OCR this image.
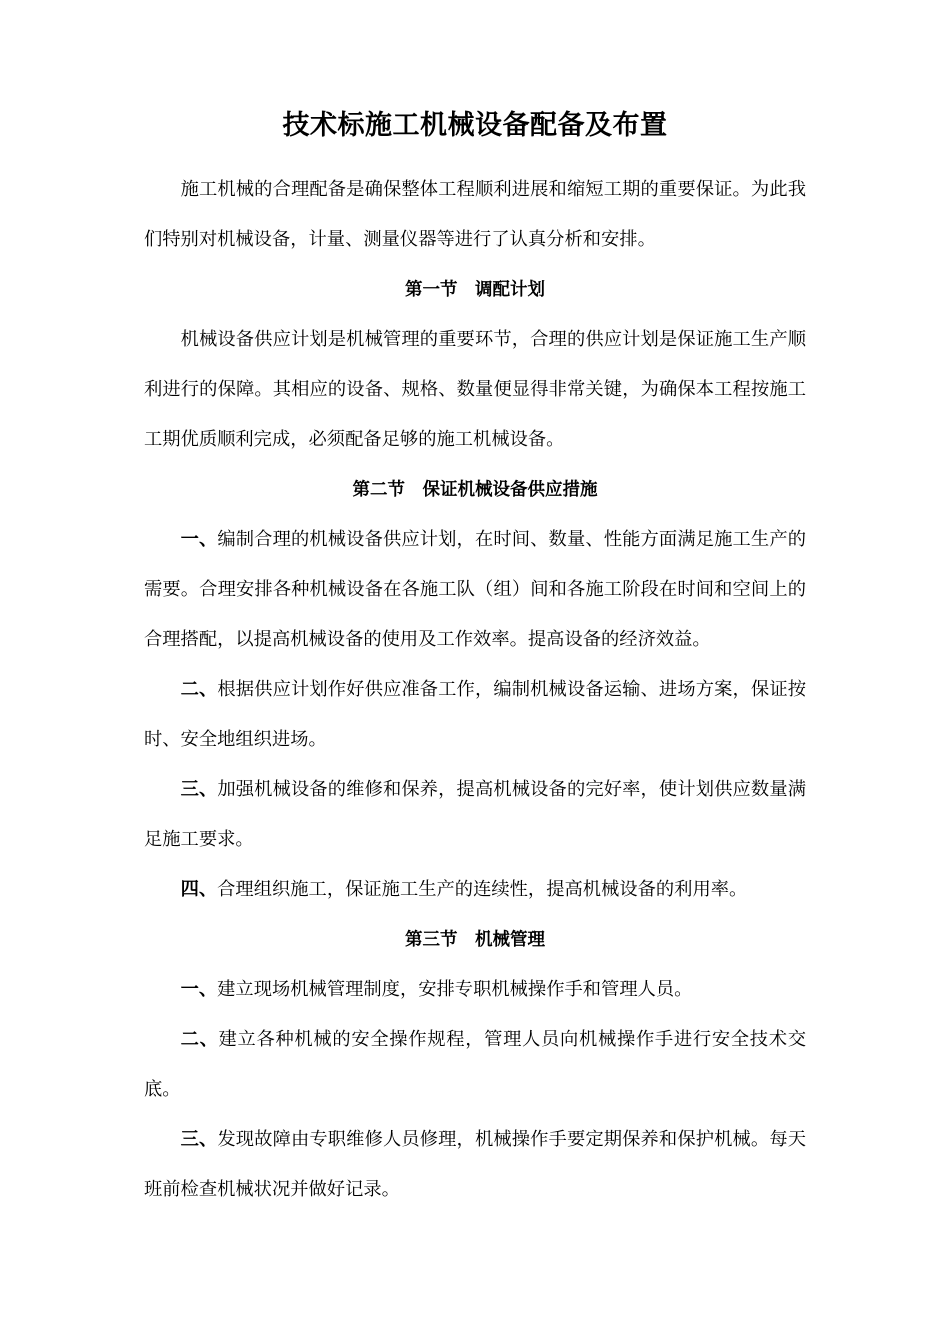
技术标施工机械设备配备及布置

施工机械的合理配备是确保整体工程顺利进展和缩短工期的重要保证。为此我们特别对机械设备，计量、测量仪器等进行了认真分析和安排。

第一节　调配计划

机械设备供应计划是机械管理的重要环节，合理的供应计划是保证施工生产顺利进行的保障。其相应的设备、规格、数量便显得非常关键，为确保本工程按施工工期优质顺利完成，必须配备足够的施工机械设备。

第二节　保证机械设备供应措施

一、编制合理的机械设备供应计划，在时间、数量、性能方面满足施工生产的需要。合理安排各种机械设备在各施工队（组）间和各施工阶段在时间和空间上的合理搭配，以提高机械设备的使用及工作效率。提高设备的经济效益。

二、根据供应计划作好供应准备工作，编制机械设备运输、进场方案，保证按时、安全地组织进场。

三、加强机械设备的维修和保养，提高机械设备的完好率，使计划供应数量满足施工要求。

四、合理组织施工，保证施工生产的连续性，提高机械设备的利用率。

第三节　机械管理

一、建立现场机械管理制度，安排专职机械操作手和管理人员。

二、建立各种机械的安全操作规程，管理人员向机械操作手进行安全技术交底。

三、发现故障由专职维修人员修理，机械操作手要定期保养和保护机械。每天班前检查机械状况并做好记录。
